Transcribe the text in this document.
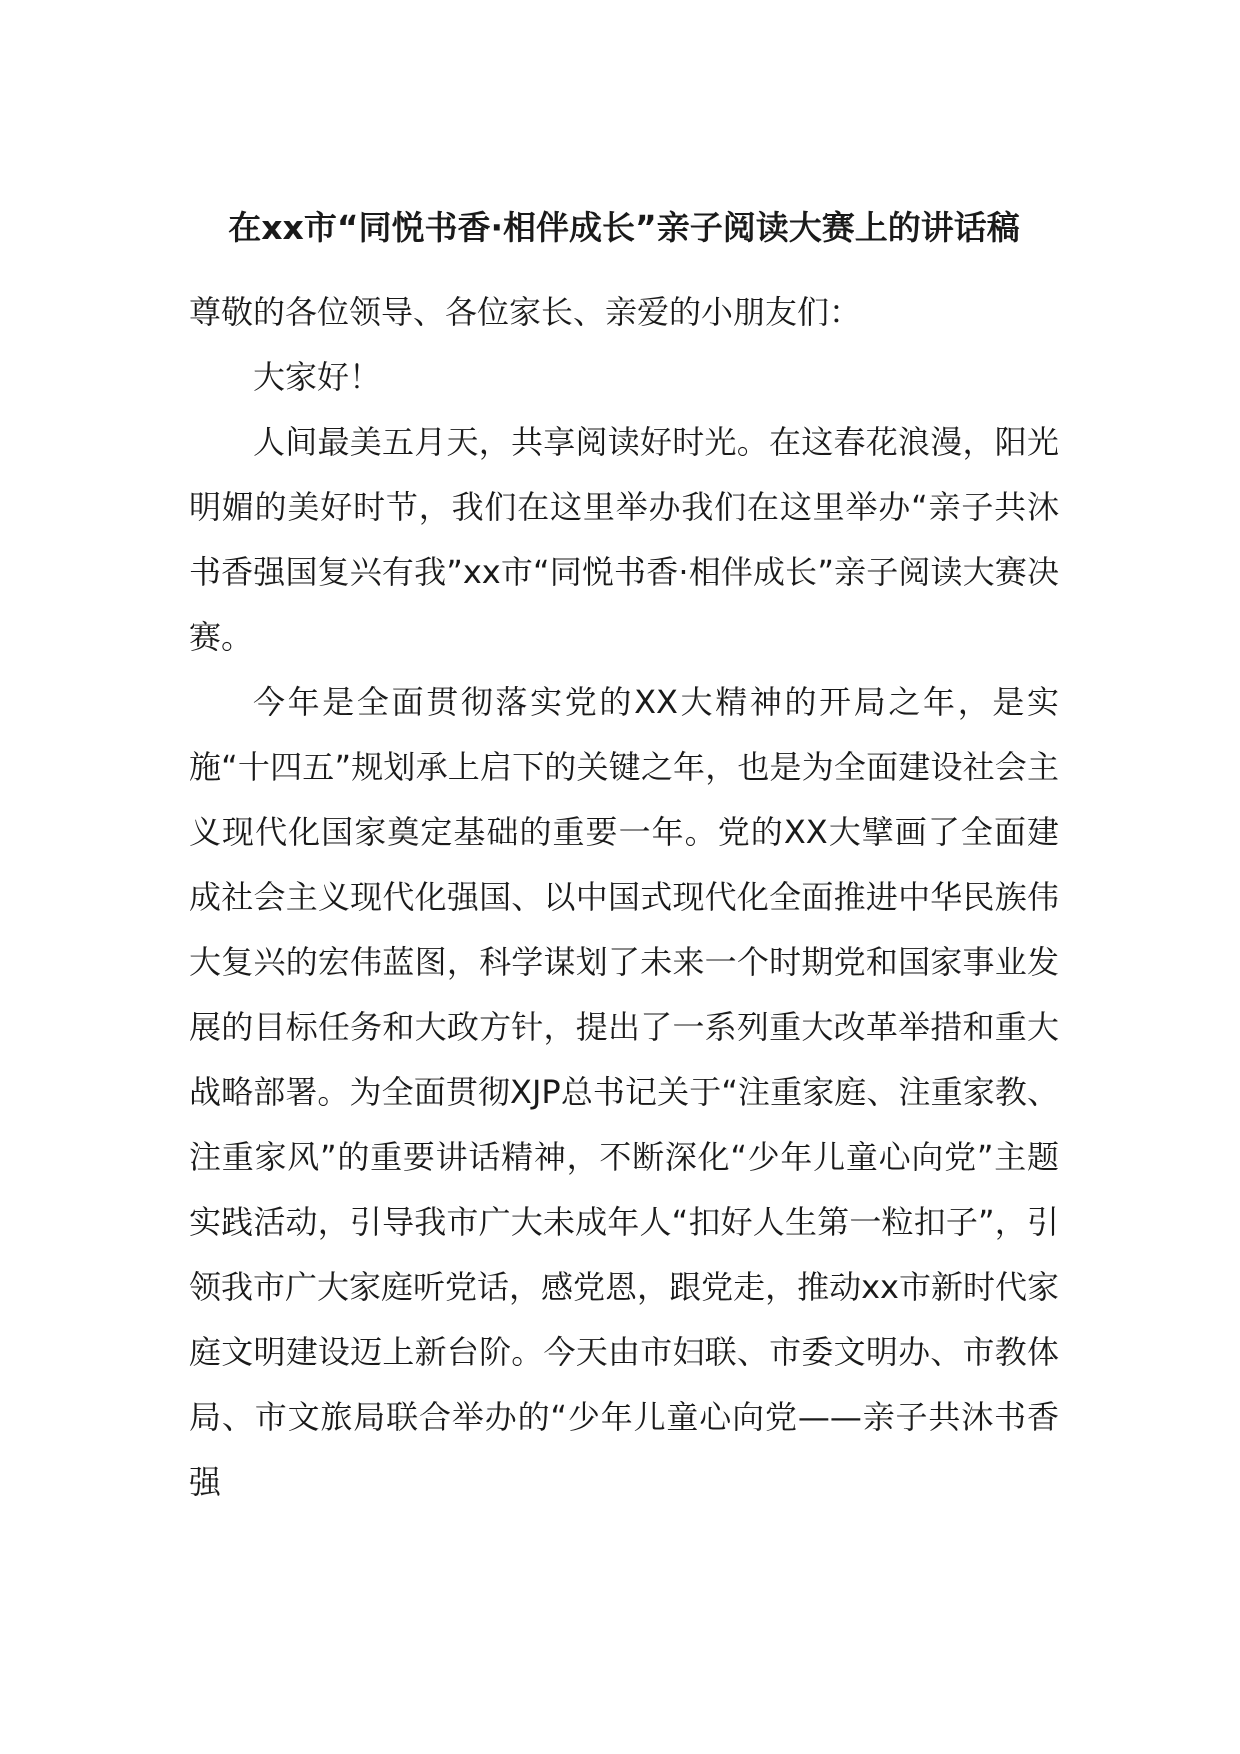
在xx市“同悦书香·相伴成长”亲子阅读大赛上的讲话稿

尊敬的各位领导、各位家长、亲爱的小朋友们：

大家好！

人间最美五月天，共享阅读好时光。在这春花浪漫，阳光明媚的美好时节，我们在这里举办我们在这里举办“亲子共沐书香强国复兴有我”xx市“同悦书香·相伴成长”亲子阅读大赛决赛。

今年是全面贯彻落实党的XX大精神的开局之年，是实施“十四五”规划承上启下的关键之年，也是为全面建设社会主义现代化国家奠定基础的重要一年。党的XX大擘画了全面建成社会主义现代化强国、以中国式现代化全面推进中华民族伟大复兴的宏伟蓝图，科学谋划了未来一个时期党和国家事业发展的目标任务和大政方针，提出了一系列重大改革举措和重大战略部署。为全面贯彻XJP总书记关于“注重家庭、注重家教、注重家风”的重要讲话精神，不断深化“少年儿童心向党”主题实践活动，引导我市广大未成年人“扣好人生第一粒扣子”，引领我市广大家庭听党话，感党恩，跟党走，推动xx市新时代家庭文明建设迈上新台阶。今天由市妇联、市委文明办、市教体局、市文旅局联合举办的“少年儿童心向党——亲子共沐书香强
